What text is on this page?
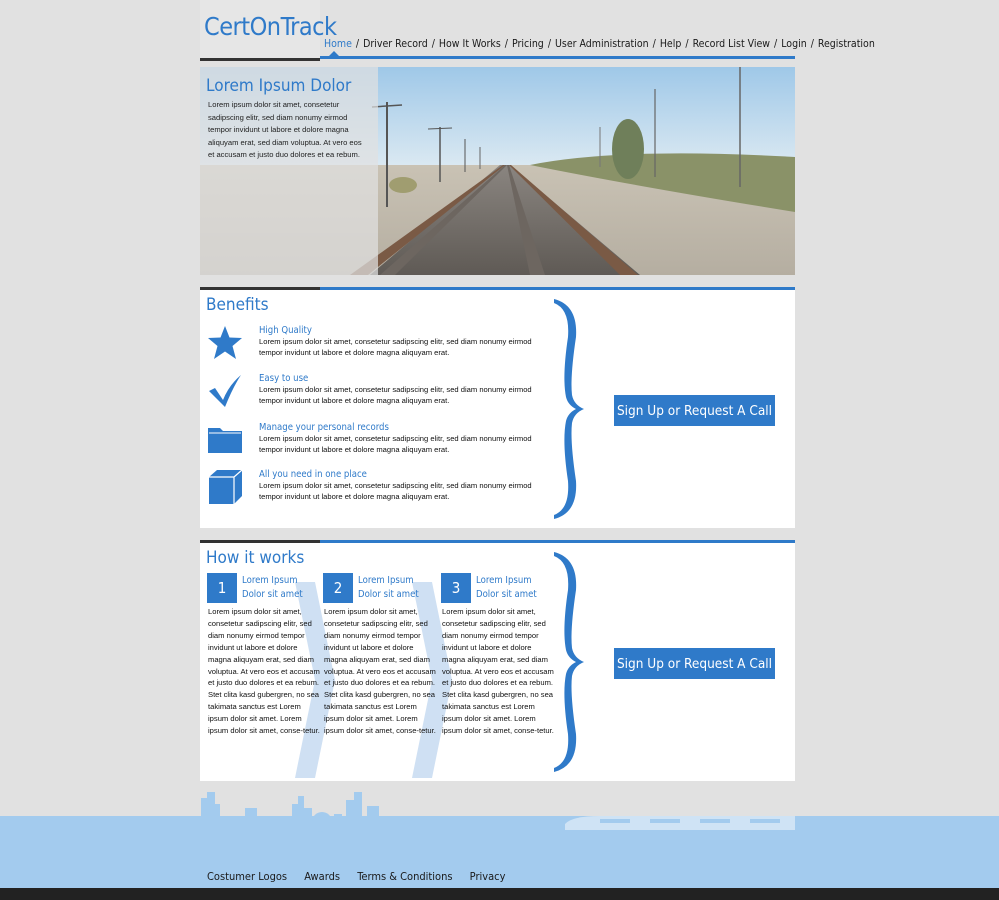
CertOnTrack
Home / Driver Record / How It Works / Pricing / User Administration / Help / Record List View / Login / Registration
Lorem Ipsum Dolor
Lorem ipsum dolor sit amet, consetetur sadipscing elitr, sed diam nonumy eirmod tempor invidunt ut labore et dolore magna aliquyam erat, sed diam voluptua. At vero eos et accusam et justo duo dolores et ea rebum.
Benefits
High Quality
Lorem ipsum dolor sit amet, consetetur sadipscing elitr, sed diam nonumy eirmod tempor invidunt ut labore et dolore magna aliquyam erat.
Easy to use
Lorem ipsum dolor sit amet, consetetur sadipscing elitr, sed diam nonumy eirmod tempor invidunt ut labore et dolore magna aliquyam erat.
Manage your personal records
Lorem ipsum dolor sit amet, consetetur sadipscing elitr, sed diam nonumy eirmod tempor invidunt ut labore et dolore magna aliquyam erat.
All you need in one place
Lorem ipsum dolor sit amet, consetetur sadipscing elitr, sed diam nonumy eirmod tempor invidunt ut labore et dolore magna aliquyam erat.
Sign Up or Request A Call
How it works
1	Lorem Ipsum Dolor sit amet
Lorem ipsum dolor sit amet, consetetur sadipscing elitr, sed diam nonumy eirmod tempor invidunt ut labore et dolore magna aliquyam erat, sed diam voluptua. At vero eos et accusam et justo duo dolores et ea rebum. Stet clita kasd gubergren, no sea takimata sanctus est Lorem ipsum dolor sit amet. Lorem ipsum dolor sit amet, conse-tetur.
2	Lorem Ipsum Dolor sit amet
Lorem ipsum dolor sit amet, consetetur sadipscing elitr, sed diam nonumy eirmod tempor invidunt ut labore et dolore magna aliquyam erat, sed diam voluptua. At vero eos et accusam et justo duo dolores et ea rebum. Stet clita kasd gubergren, no sea takimata sanctus est Lorem ipsum dolor sit amet. Lorem ipsum dolor sit amet, conse-tetur.
3	Lorem Ipsum Dolor sit amet
Lorem ipsum dolor sit amet, consetetur sadipscing elitr, sed diam nonumy eirmod tempor invidunt ut labore et dolore magna aliquyam erat, sed diam voluptua. At vero eos et accusam et justo duo dolores et ea rebum. Stet clita kasd gubergren, no sea takimata sanctus est Lorem ipsum dolor sit amet. Lorem ipsum dolor sit amet, conse-tetur.
Sign Up or Request A Call
Costumer Logos Awards Terms & Conditions Privacy
